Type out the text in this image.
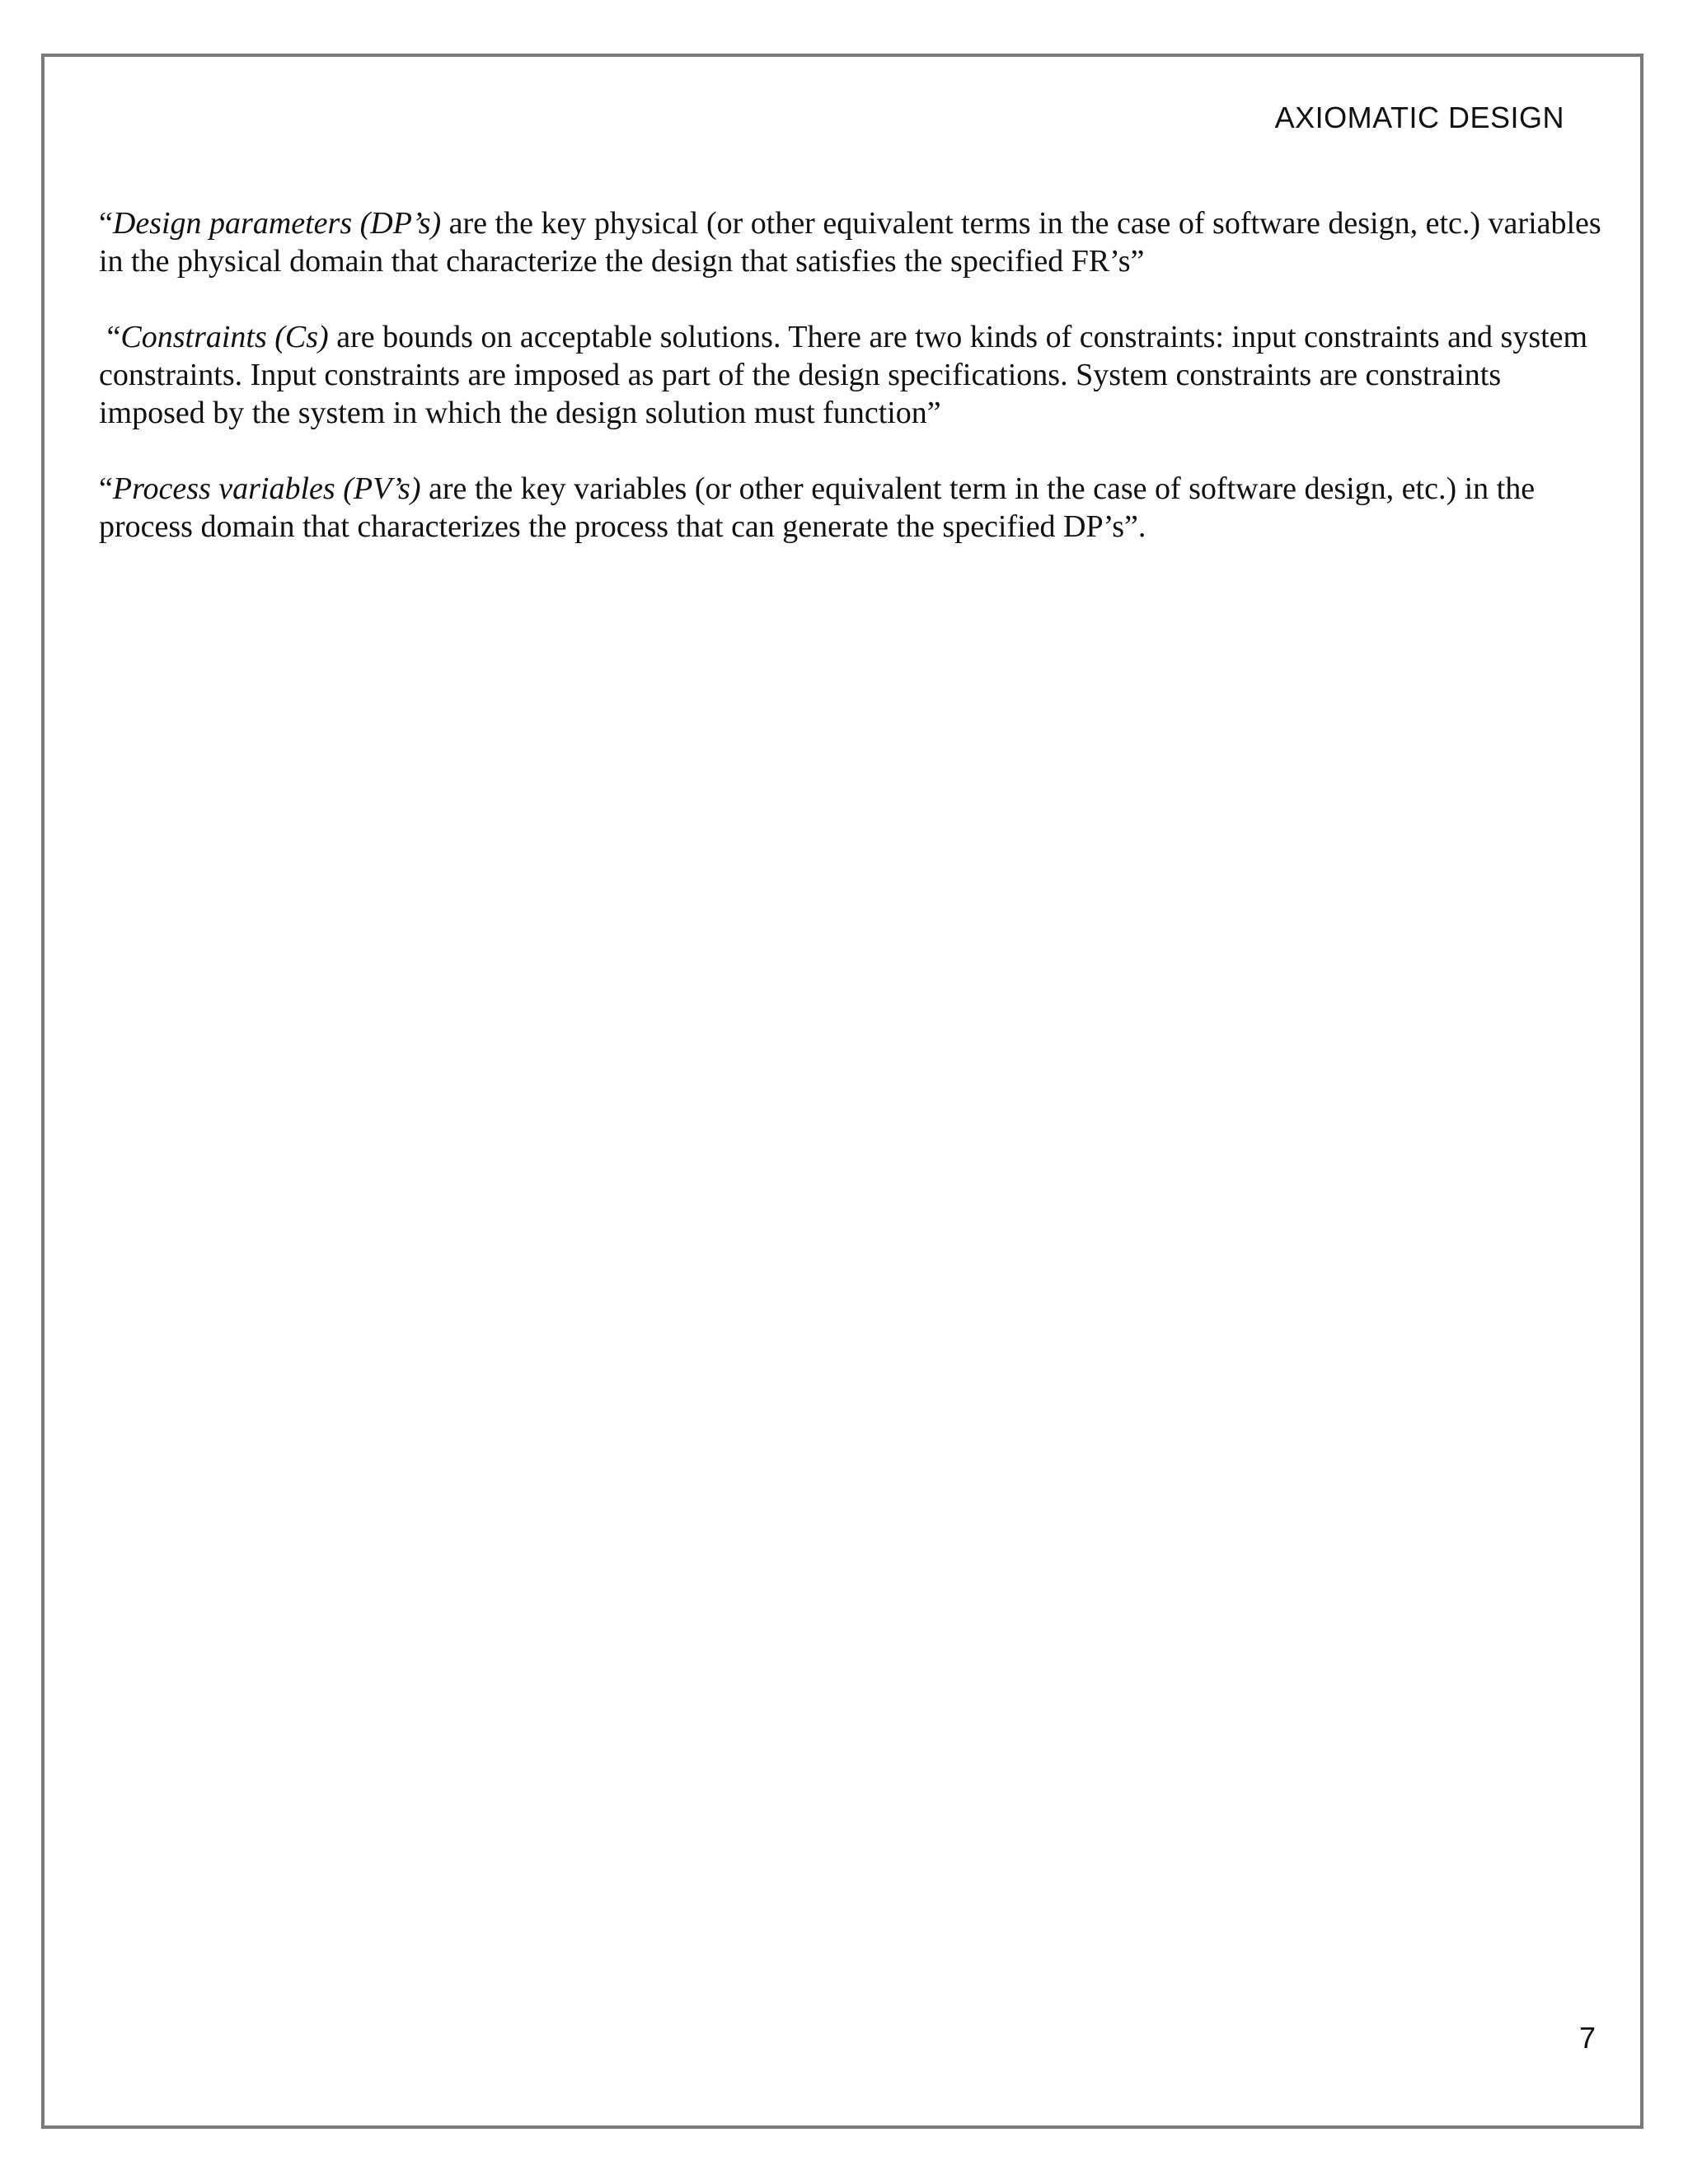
AXIOMATIC DESIGN

“Design parameters (DP’s) are the key physical (or other equivalent terms in the case of software design, etc.) variables in the physical domain that characterize the design that satisfies the specified FR’s”

“Constraints (Cs) are bounds on acceptable solutions. There are two kinds of constraints: input constraints and system constraints. Input constraints are imposed as part of the design specifications. System constraints are constraints imposed by the system in which the design solution must function”

“Process variables (PV’s) are the key variables (or other equivalent term in the case of software design, etc.) in the process domain that characterizes the process that can generate the specified DP’s”.

7
